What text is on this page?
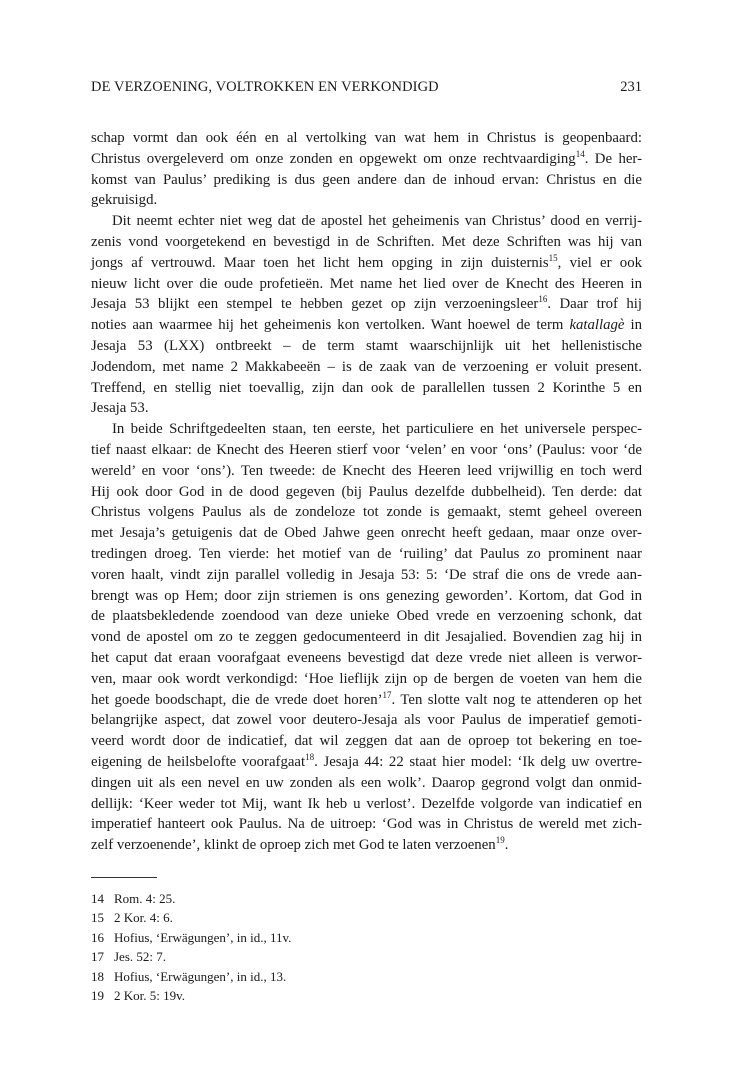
DE VERZOENING, VOLTROKKEN EN VERKONDIGD	231
schap vormt dan ook één en al vertolking van wat hem in Christus is geopenbaard:
Christus overgeleverd om onze zonden en opgewekt om onze rechtvaardiging$^{14}$. De her-
komst van Paulus’ prediking is dus geen andere dan de inhoud ervan: Christus en die
gekruisigd.
Dit neemt echter niet weg dat de apostel het geheimenis van Christus’ dood en verrij-
zenis vond voorgetekend en bevestigd in de Schriften. Met deze Schriften was hij van
jongs af vertrouwd. Maar toen het licht hem opging in zijn duisternis$^{15}$, viel er ook
nieuw licht over die oude profetieën. Met name het lied over de Knecht des Heeren in
Jesaja 53 blijkt een stempel te hebben gezet op zijn verzoeningsleer$^{16}$. Daar trof hij
noties aan waarmee hij het geheimenis kon vertolken. Want hoewel de term katallagè in
Jesaja 53 (LXX) ontbreekt – de term stamt waarschijnlijk uit het hellenistische
Jodendom, met name 2 Makkabeeën – is de zaak van de verzoening er voluit present.
Treffend, en stellig niet toevallig, zijn dan ook de parallellen tussen 2 Korinthe 5 en
Jesaja 53.
In beide Schriftgedeelten staan, ten eerste, het particuliere en het universele perspec-
tief naast elkaar: de Knecht des Heeren stierf voor ‘velen’ en voor ‘ons’ (Paulus: voor ‘de
wereld’ en voor ‘ons’). Ten tweede: de Knecht des Heeren leed vrijwillig en toch werd
Hij ook door God in de dood gegeven (bij Paulus dezelfde dubbelheid). Ten derde: dat
Christus volgens Paulus als de zondeloze tot zonde is gemaakt, stemt geheel overeen
met Jesaja’s getuigenis dat de Obed Jahwe geen onrecht heeft gedaan, maar onze over-
tredingen droeg. Ten vierde: het motief van de ‘ruiling’ dat Paulus zo prominent naar
voren haalt, vindt zijn parallel volledig in Jesaja 53: 5: ‘De straf die ons de vrede aan-
brengt was op Hem; door zijn striemen is ons genezing geworden’. Kortom, dat God in
de plaatsbekledende zoendood van deze unieke Obed vrede en verzoening schonk, dat
vond de apostel om zo te zeggen gedocumenteerd in dit Jesajalied. Bovendien zag hij in
het caput dat eraan voorafgaat eveneens bevestigd dat deze vrede niet alleen is verwor-
ven, maar ook wordt verkondigd: ‘Hoe lieflijk zijn op de bergen de voeten van hem die
het goede boodschapt, die de vrede doet horen’$^{17}$. Ten slotte valt nog te attenderen op het
belangrijke aspect, dat zowel voor deutero-Jesaja als voor Paulus de imperatief gemoti-
veerd wordt door de indicatief, dat wil zeggen dat aan de oproep tot bekering en toe-
eigening de heilsbelofte voorafgaat$^{18}$. Jesaja 44: 22 staat hier model: ‘Ik delg uw overtre-
dingen uit als een nevel en uw zonden als een wolk’. Daarop gegrond volgt dan onmid-
dellijk: ‘Keer weder tot Mij, want Ik heb u verlost’. Dezelfde volgorde van indicatief en
imperatief hanteert ook Paulus. Na de uitroep: ‘God was in Christus de wereld met zich-
zelf verzoenende’, klinkt de oproep zich met God te laten verzoenen$^{19}$.
14 Rom. 4: 25.
15 2 Kor. 4: 6.
16 Hofius, ‘Erwägungen’, in id., 11v.
17 Jes. 52: 7.
18 Hofius, ‘Erwägungen’, in id., 13.
19 2 Kor. 5: 19v.
